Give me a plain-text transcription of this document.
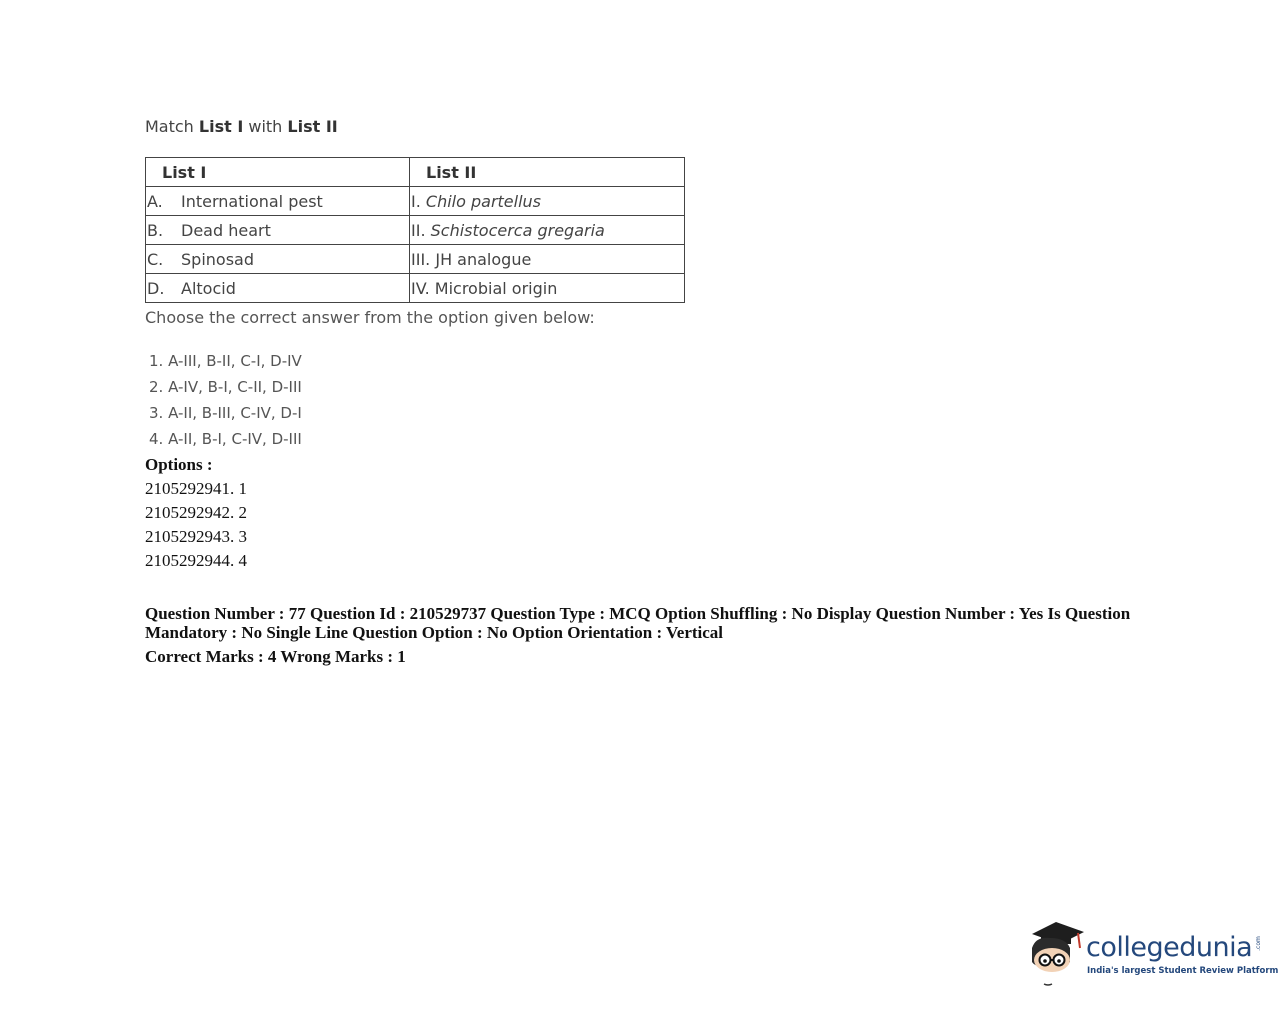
Match List I with List II
List I	List II
A. International pest	I. Chilo partellus
B. Dead heart	II. Schistocerca gregaria
C. Spinosad	III. JH analogue
D. Altocid	IV. Microbial origin
Choose the correct answer from the option given below:
1. A-III, B-II, C-I, D-IV
2. A-IV, B-I, C-II, D-III
3. A-II, B-III, C-IV, D-I
4. A-II, B-I, C-IV, D-III
Options :
2105292941. 1
2105292942. 2
2105292943. 3
2105292944. 4
Question Number : 77 Question Id : 210529737 Question Type : MCQ Option Shuffling : No Display Question Number : Yes Is Question Mandatory : No Single Line Question Option : No Option Orientation : Vertical
Correct Marks : 4 Wrong Marks : 1
collegedunia .com
India's largest Student Review Platform
